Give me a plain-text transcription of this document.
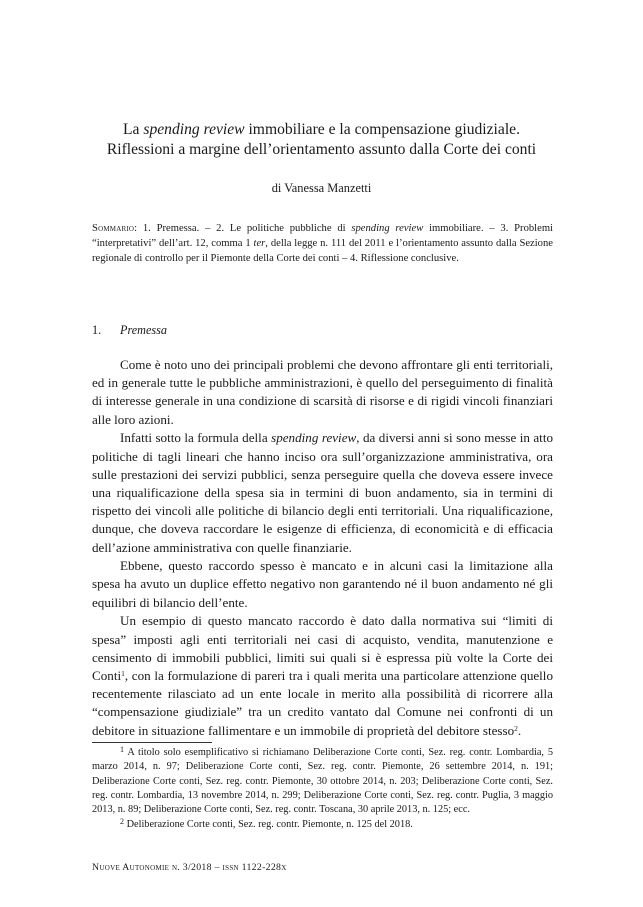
La spending review immobiliare e la compensazione giudiziale.
Riflessioni a margine dell’orientamento assunto dalla Corte dei conti
di Vanessa Manzetti
Sommario: 1. Premessa. – 2. Le politiche pubbliche di spending review immobiliare. – 3. Problemi “interpretativi” dell’art. 12, comma 1 ter, della legge n. 111 del 2011 e l’orientamento assunto dalla Sezione regionale di controllo per il Piemonte della Corte dei conti – 4. Riflessione conclusive.
1. Premessa

Come è noto uno dei principali problemi che devono affrontare gli enti territoriali, ed in generale tutte le pubbliche amministrazioni, è quello del perseguimento di finalità di interesse generale in una condizione di scarsità di risorse e di rigidi vincoli finanziari alle loro azioni.

Infatti sotto la formula della spending review, da diversi anni si sono messe in atto politiche di tagli lineari che hanno inciso ora sull’organizzazione amministrativa, ora sulle prestazioni dei servizi pubblici, senza perseguire quella che doveva essere invece una riqualificazione della spesa sia in termini di buon andamento, sia in termini di rispetto dei vincoli alle politiche di bilancio degli enti territoriali. Una riqualificazione, dunque, che doveva raccordare le esigenze di efficienza, di economicità e di efficacia dell’azione amministrativa con quelle finanziarie.

Ebbene, questo raccordo spesso è mancato e in alcuni casi la limitazione alla spesa ha avuto un duplice effetto negativo non garantendo né il buon andamento né gli equilibri di bilancio dell’ente.

Un esempio di questo mancato raccordo è dato dalla normativa sui “limiti di spesa” imposti agli enti territoriali nei casi di acquisto, vendita, manutenzione e censimento di immobili pubblici, limiti sui quali si è espressa più volte la Corte dei Conti$^1$, con la formulazione di pareri tra i quali merita una particolare attenzione quello recentemente rilasciato ad un ente locale in merito alla possibilità di ricorrere alla “compensazione giudiziale” tra un credito vantato dal Comune nei confronti di un debitore in situazione fallimentare e un immobile di proprietà del debitore stesso$^2$.

$^1$ A titolo solo esemplificativo si richiamano Deliberazione Corte conti, Sez. reg. contr. Lombardia, 5 marzo 2014, n. 97; Deliberazione Corte conti, Sez. reg. contr. Piemonte, 26 settembre 2014, n. 191; Deliberazione Corte conti, Sez. reg. contr. Piemonte, 30 ottobre 2014, n. 203; Deliberazione Corte conti, Sez. reg. contr. Lombardia, 13 novembre 2014, n. 299; Deliberazione Corte conti, Sez. reg. contr. Puglia, 3 maggio 2013, n. 89; Deliberazione Corte conti, Sez. reg. contr. Toscana, 30 aprile 2013, n. 125; ecc.

$^2$ Deliberazione Corte conti, Sez. reg. contr. Piemonte, n. 125 del 2018.

Nuove Autonomie n. 3/2018 – issn 1122-228x
